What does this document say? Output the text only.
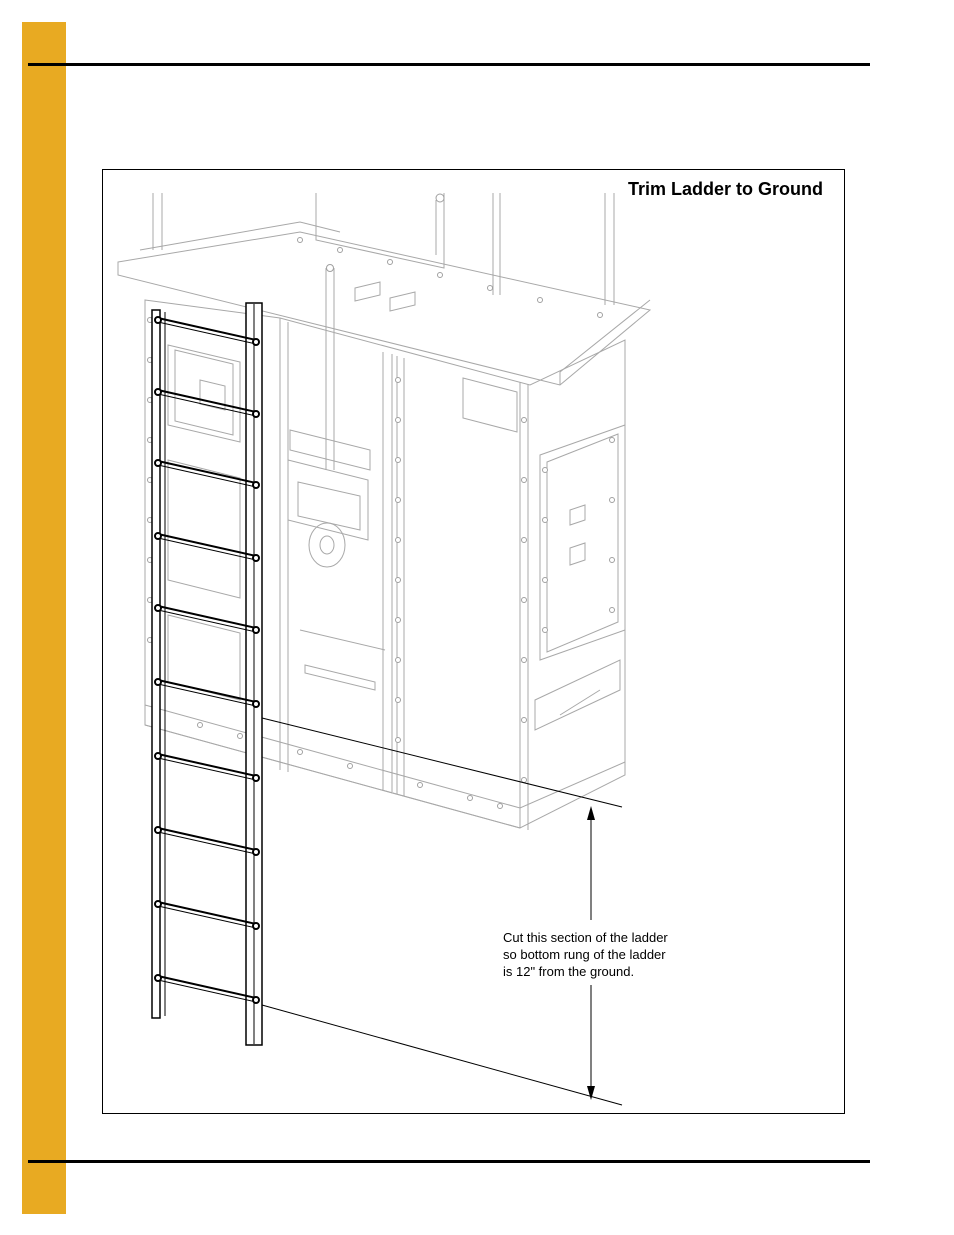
Trim Ladder to Ground
Cut this section of the ladder
so bottom rung of the ladder
is 12" from the ground.
